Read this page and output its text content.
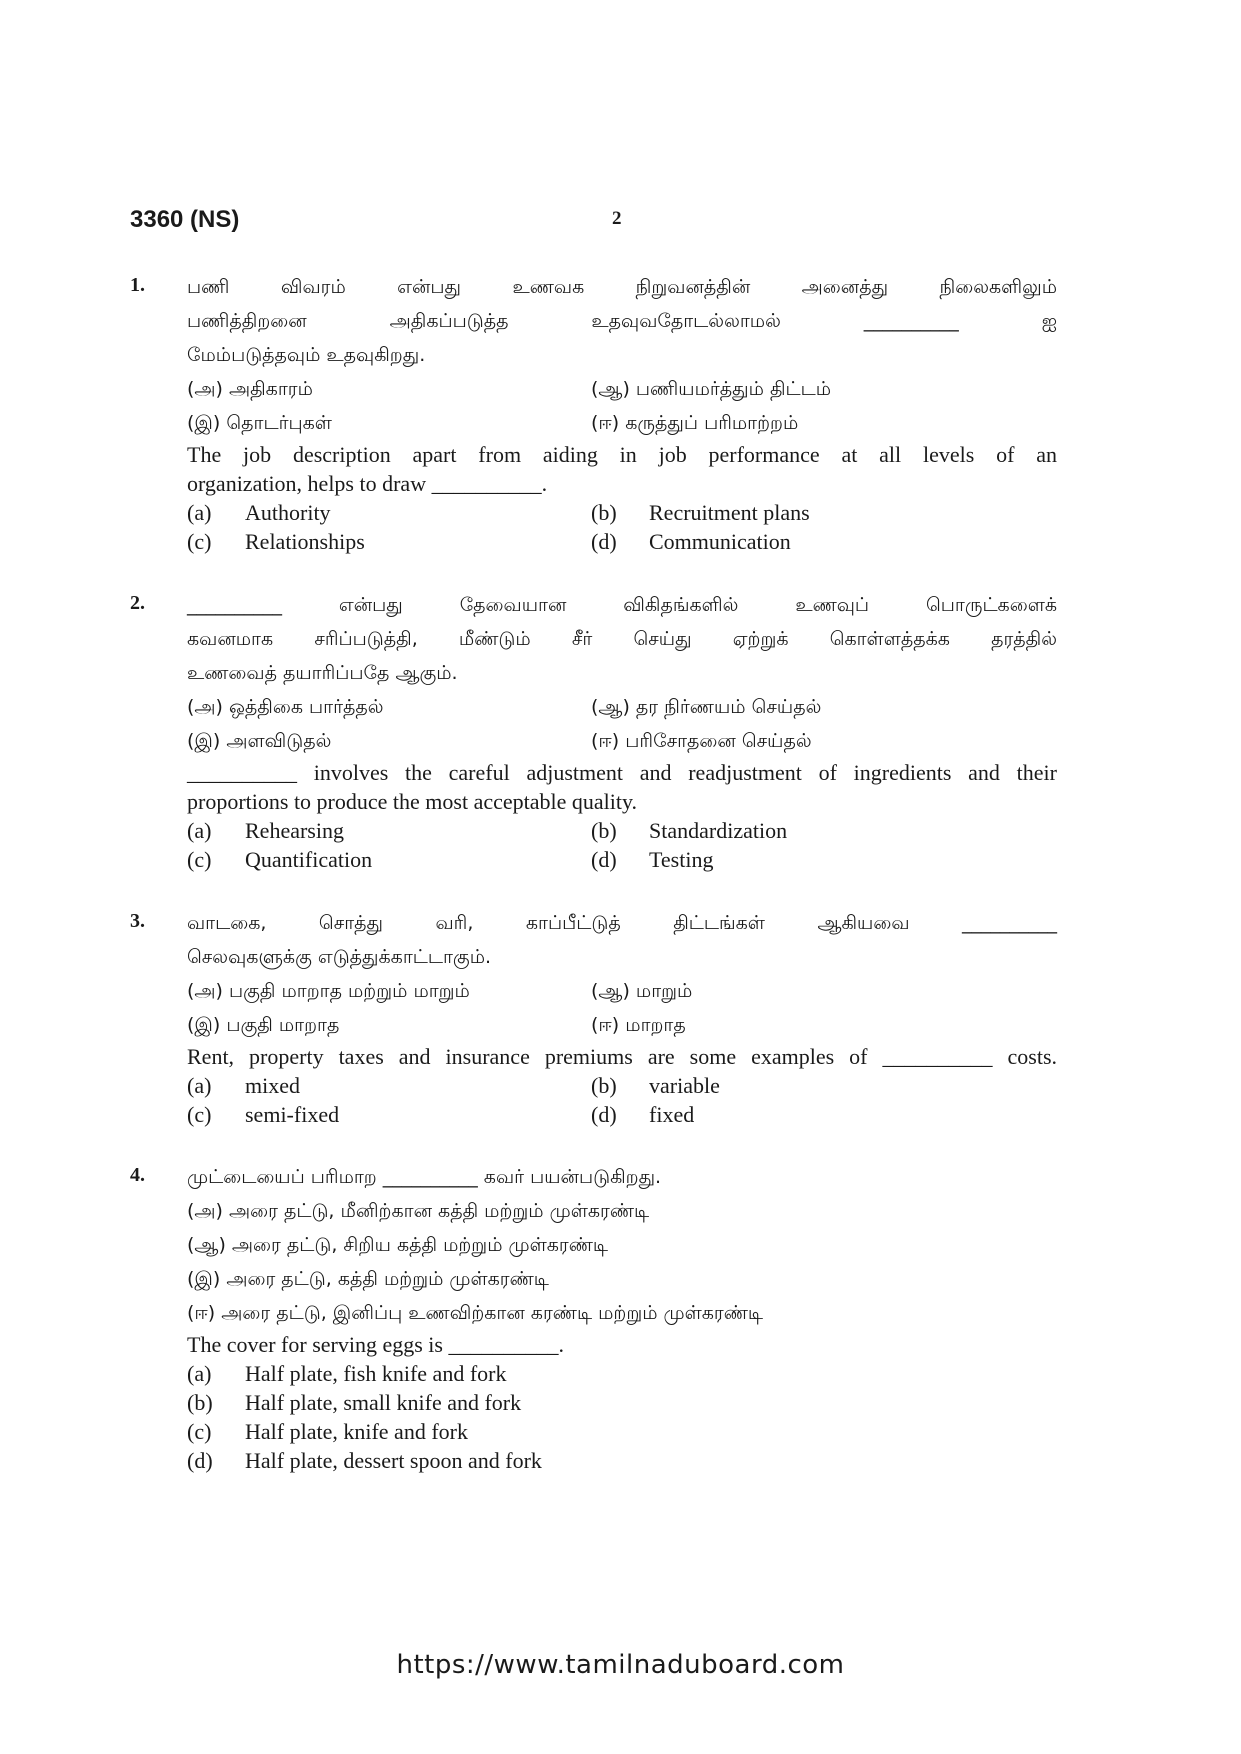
3360 (NS)	2
1. பணி விவரம் என்பது உணவக நிறுவனத்தின் அனைத்து நிலைகளிலும்

பணித்திறனை அதிகப்படுத்த உதவுவதோடல்லாமல் __________ ஐ

மேம்படுத்தவும் உதவுகிறது.

(அ) அதிகாரம்	(ஆ) பணியமர்த்தும் திட்டம்
(இ) தொடர்புகள்	(ஈ) கருத்துப் பரிமாற்றம்

The job description apart from aiding in job performance at all levels of an

organization, helps to draw __________.

(a) Authority	(b) Recruitment plans
(c) Relationships	(d) Communication
2. __________ என்பது தேவையான விகிதங்களில் உணவுப் பொருட்களைக்

கவனமாக சரிப்படுத்தி, மீண்டும் சீர் செய்து ஏற்றுக் கொள்ளத்தக்க தரத்தில்

உணவைத் தயாரிப்பதே ஆகும்.

(அ) ஒத்திகை பார்த்தல்	(ஆ) தர நிர்ணயம் செய்தல்
(இ) அளவிடுதல்	(ஈ) பரிசோதனை செய்தல்

__________ involves the careful adjustment and readjustment of ingredients and their

proportions to produce the most acceptable quality.

(a) Rehearsing	(b) Standardization
(c) Quantification	(d) Testing
3. வாடகை, சொத்து வரி, காப்பீட்டுத் திட்டங்கள் ஆகியவை __________

செலவுகளுக்கு எடுத்துக்காட்டாகும்.

(அ) பகுதி மாறாத மற்றும் மாறும்	(ஆ) மாறும்
(இ) பகுதி மாறாத	(ஈ) மாறாத

Rent, property taxes and insurance premiums are some examples of __________ costs.

(a) mixed	(b) variable
(c) semi-fixed	(d) fixed
4. முட்டையைப் பரிமாற __________ கவர் பயன்படுகிறது.

(அ) அரை தட்டு, மீனிற்கான கத்தி மற்றும் முள்கரண்டி
(ஆ) அரை தட்டு, சிறிய கத்தி மற்றும் முள்கரண்டி
(இ) அரை தட்டு, கத்தி மற்றும் முள்கரண்டி
(ஈ) அரை தட்டு, இனிப்பு உணவிற்கான கரண்டி மற்றும் முள்கரண்டி

The cover for serving eggs is __________.

(a) Half plate, fish knife and fork
(b) Half plate, small knife and fork
(c) Half plate, knife and fork
(d) Half plate, dessert spoon and fork
https://www.tamilnaduboard.com
